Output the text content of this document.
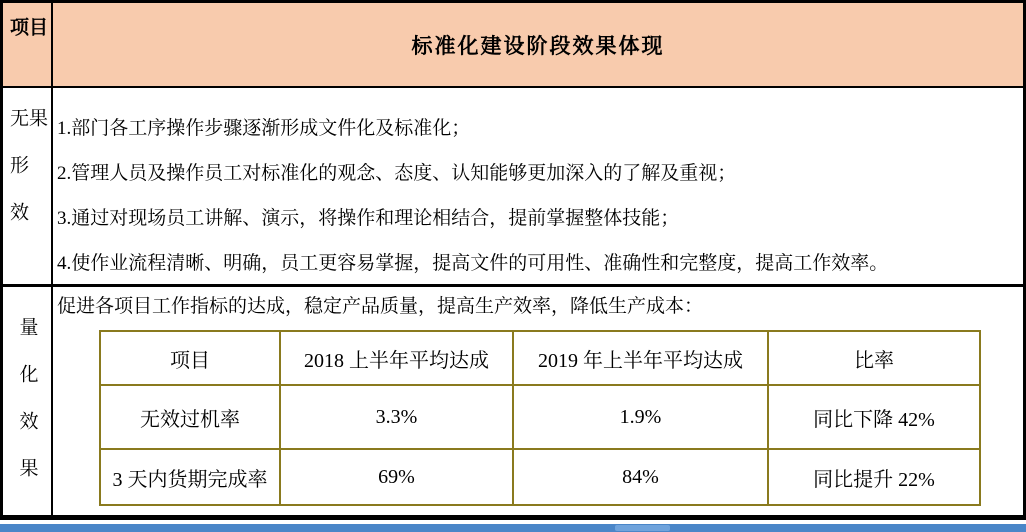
项目	标准化建设阶段效果体现
无形效果 1.部门各工序操作步骤逐渐形成文件化及标准化；
2.管理人员及操作员工对标准化的观念、态度、认知能够更加深入的了解及重视；
3.通过对现场员工讲解、演示，将操作和理论相结合，提前掌握整体技能；
4.使作业流程清晰、明确，员工更容易掌握，提高文件的可用性、准确性和完整度，提高工作效率。
量化效果
促进各项目工作指标的达成，稳定产品质量，提高生产效率，降低生产成本：
项目	2018 上半年平均达成	2019 年上半年平均达成	比率
无效过机率	3.3%	1.9%	同比下降 42%
3 天内货期完成率	69%	84%	同比提升 22%
